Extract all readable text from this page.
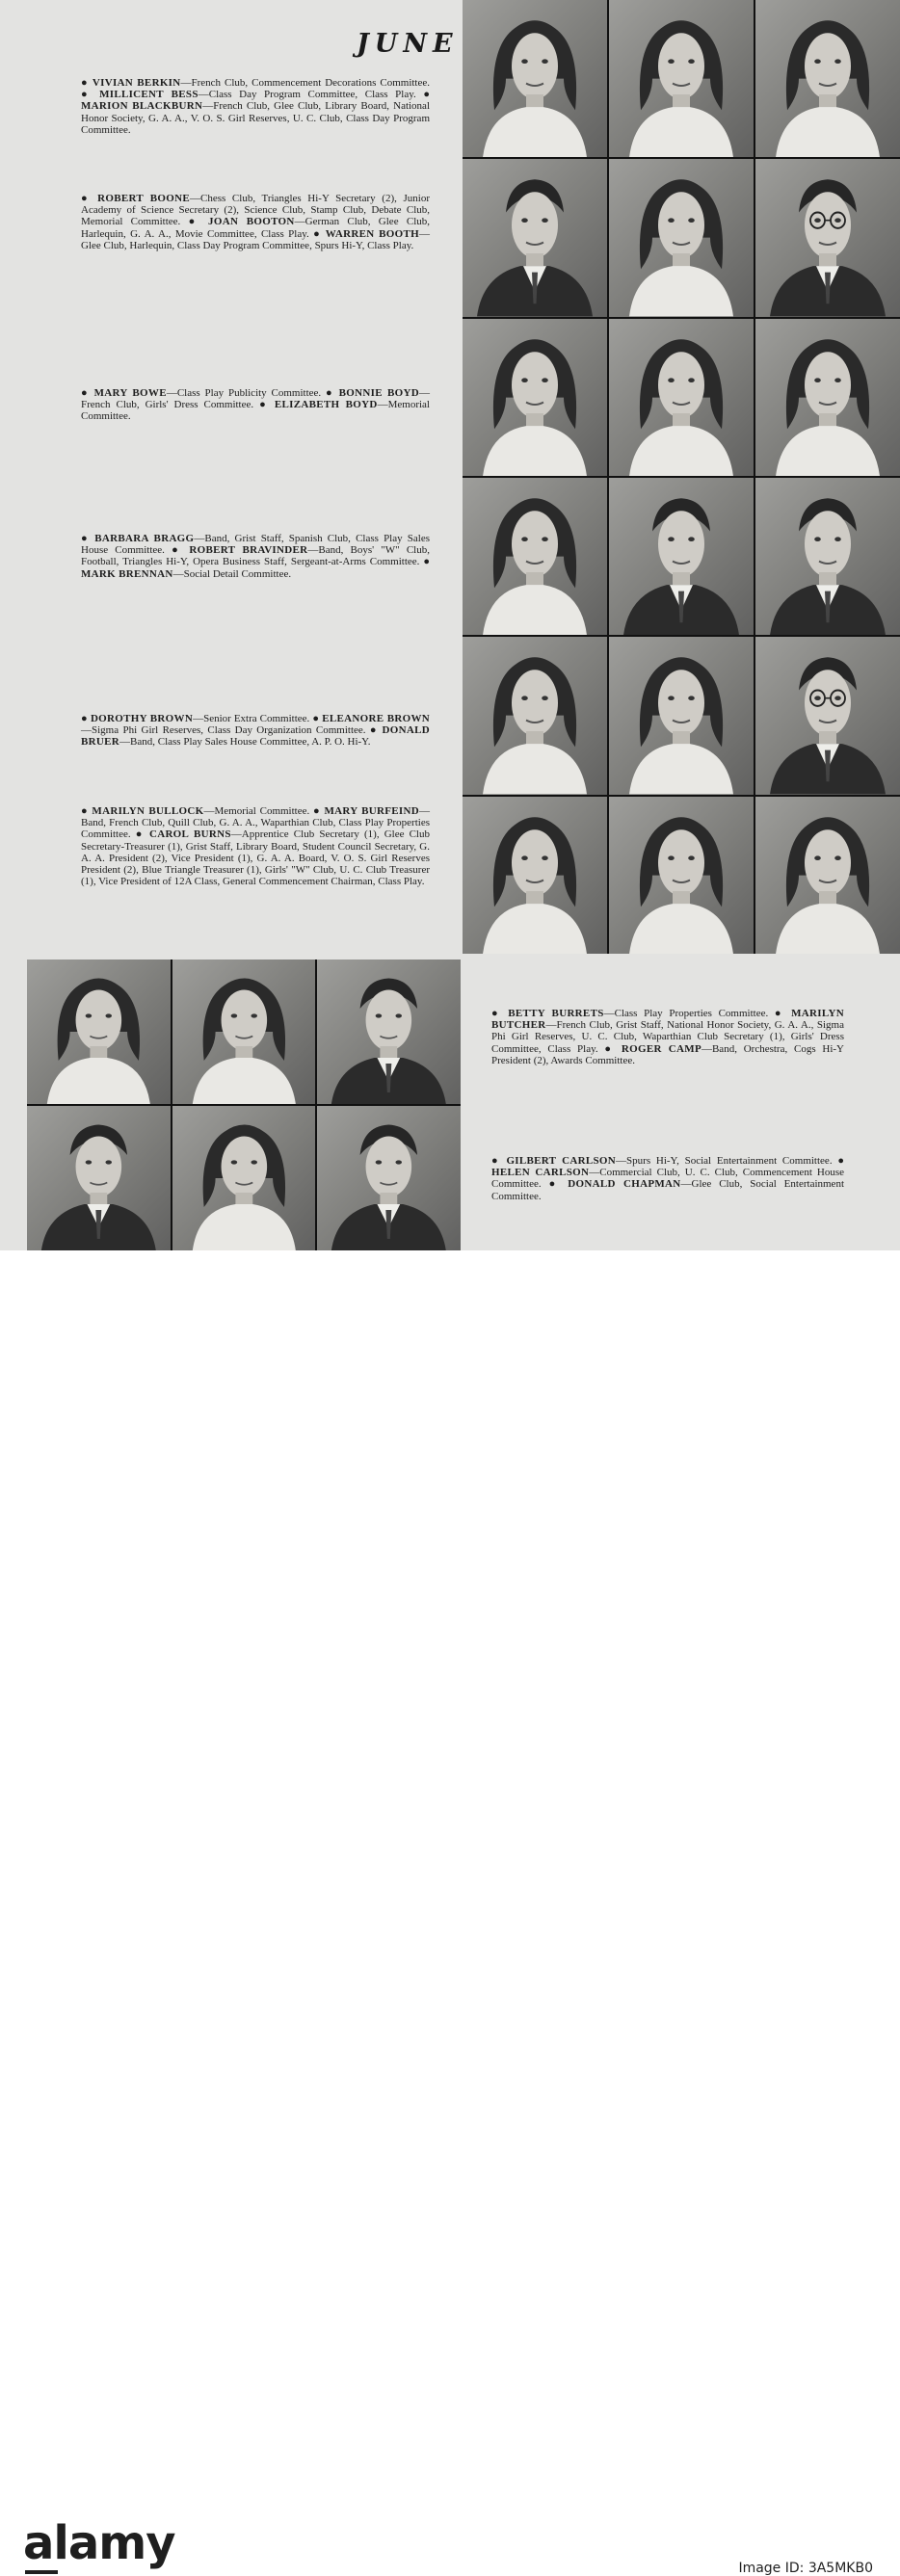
JUNE
● VIVIAN BERKIN—French Club, Commencement Decorations Committee. ● MILLICENT BESS—Class Day Program Committee, Class Play. ● MARION BLACKBURN—French Club, Glee Club, Library Board, National Honor Society, G. A. A., V. O. S. Girl Reserves, U. C. Club, Class Day Program Committee.
● ROBERT BOONE—Chess Club, Triangles Hi-Y Secretary (2), Junior Academy of Science Secretary (2), Science Club, Stamp Club, Debate Club, Memorial Committee. ● JOAN BOOTON—German Club, Glee Club, Harlequin, G. A. A., Movie Committee, Class Play. ● WARREN BOOTH—Glee Club, Harlequin, Class Day Program Committee, Spurs Hi-Y, Class Play.
● MARY BOWE—Class Play Publicity Committee. ● BONNIE BOYD—French Club, Girls' Dress Committee. ● ELIZABETH BOYD—Memorial Committee.
● BARBARA BRAGG—Band, Grist Staff, Spanish Club, Class Play Sales House Committee. ● ROBERT BRAVINDER—Band, Boys' "W" Club, Football, Triangles Hi-Y, Opera Business Staff, Sergeant-at-Arms Committee. ● MARK BRENNAN—Social Detail Committee.
● DOROTHY BROWN—Senior Extra Committee. ● ELEANORE BROWN—Sigma Phi Girl Reserves, Class Day Organization Committee. ● DONALD BRUER—Band, Class Play Sales House Committee, A. P. O. Hi-Y.
● MARILYN BULLOCK—Memorial Committee. ● MARY BURFEIND—Band, French Club, Quill Club, G. A. A., Waparthian Club, Class Play Properties Committee. ● CAROL BURNS—Apprentice Club Secretary (1), Glee Club Secretary-Treasurer (1), Grist Staff, Library Board, Student Council Secretary, G. A. A. President (2), Vice President (1), G. A. A. Board, V. O. S. Girl Reserves President (2), Blue Triangle Treasurer (1), Girls' "W" Club, U. C. Club Treasurer (1), Vice President of 12A Class, General Commencement Chairman, Class Play.
● BETTY BURRETS—Class Play Properties Committee. ● MARILYN BUTCHER—French Club, Grist Staff, National Honor Society, G. A. A., Sigma Phi Girl Reserves, U. C. Club, Waparthian Club Secretary (1), Girls' Dress Committee, Class Play. ● ROGER CAMP—Band, Orchestra, Cogs Hi-Y President (2), Awards Committee.
● GILBERT CARLSON—Spurs Hi-Y, Social Entertainment Committee. ● HELEN CARLSON—Commercial Club, U. C. Club, Commencement House Committee. ● DONALD CHAPMAN—Glee Club, Social Entertainment Committee.
alamy	Image ID: 3A5MKB0
